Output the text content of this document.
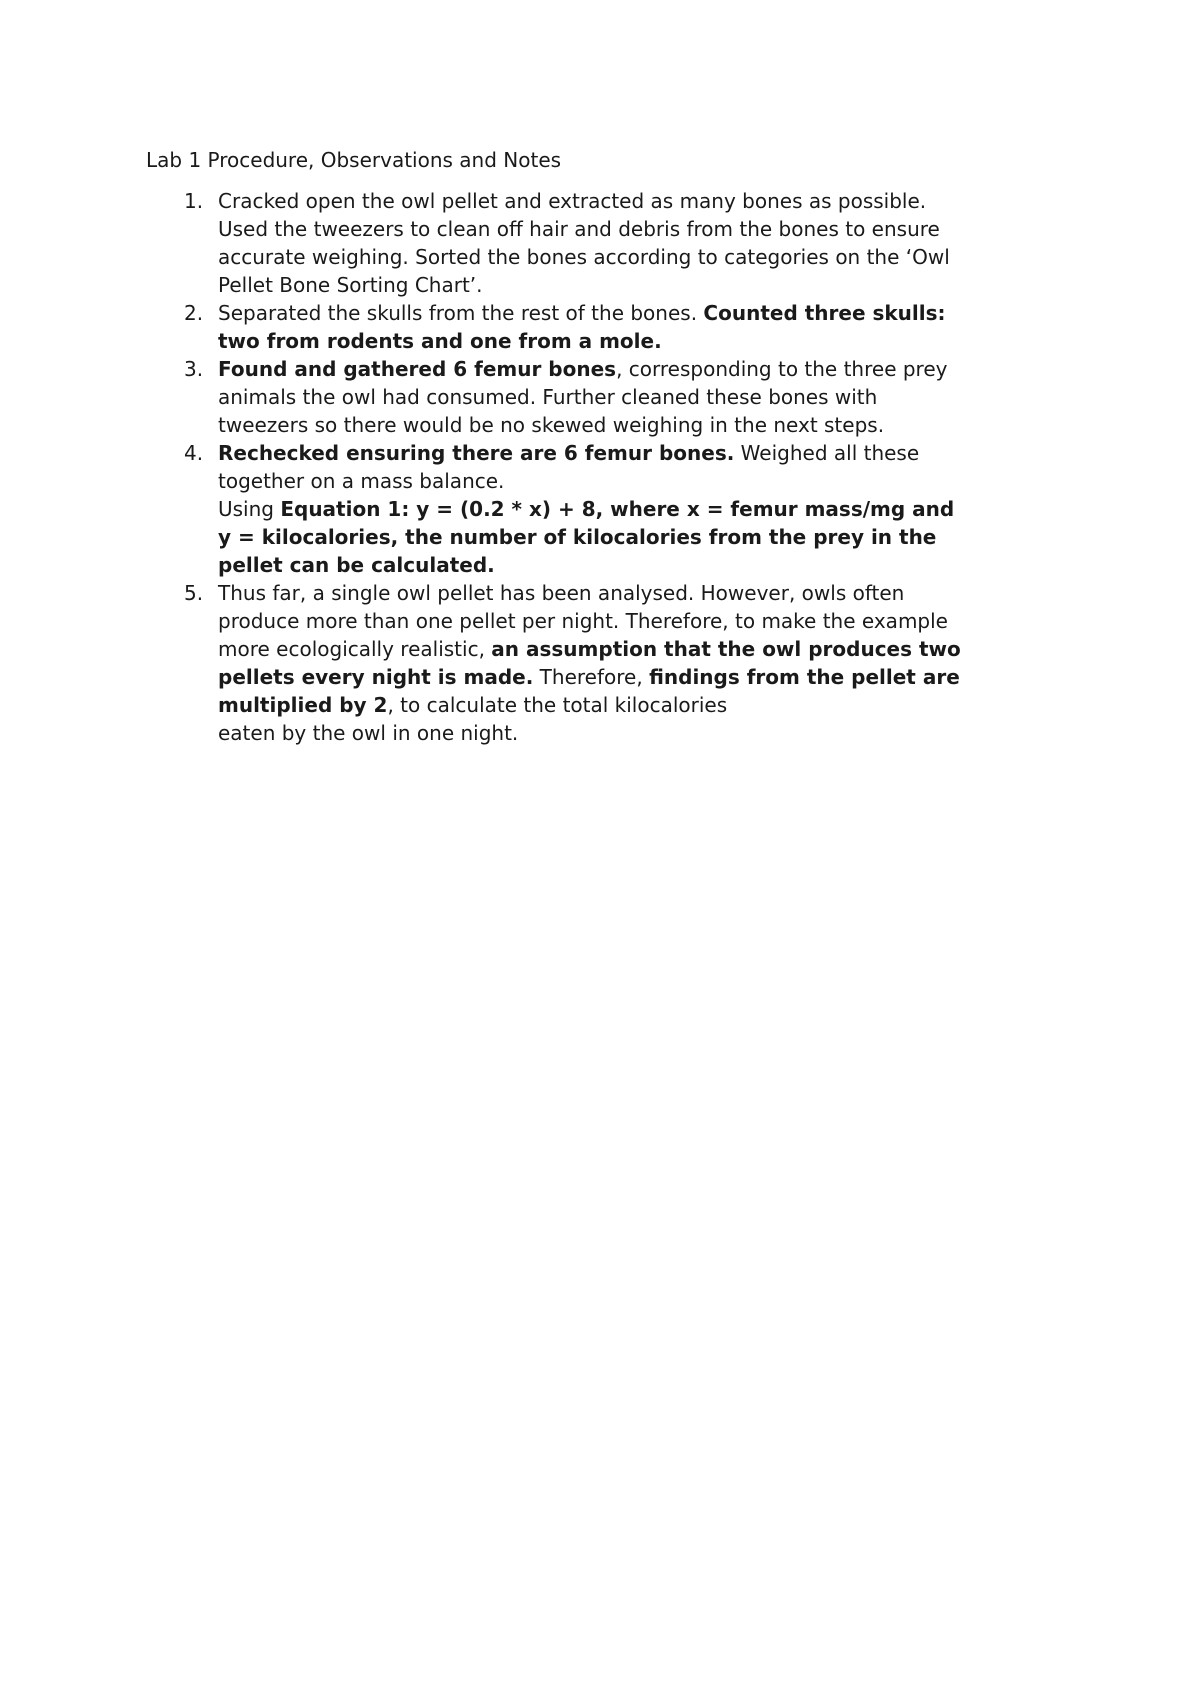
Lab 1 Procedure, Observations and Notes

1. Cracked open the owl pellet and extracted as many bones as possible.
Used the tweezers to clean off hair and debris from the bones to ensure
accurate weighing. Sorted the bones according to categories on the ‘Owl
Pellet Bone Sorting Chart’.
2. Separated the skulls from the rest of the bones. Counted three skulls:
two from rodents and one from a mole.
3. Found and gathered 6 femur bones, corresponding to the three prey
animals the owl had consumed. Further cleaned these bones with
tweezers so there would be no skewed weighing in the next steps.
4. Rechecked ensuring there are 6 femur bones. Weighed all these
together on a mass balance.
Using Equation 1: y = (0.2 * x) + 8, where x = femur mass/mg and
y = kilocalories, the number of kilocalories from the prey in the
pellet can be calculated.
5. Thus far, a single owl pellet has been analysed. However, owls often
produce more than one pellet per night. Therefore, to make the example
more ecologically realistic, an assumption that the owl produces two
pellets every night is made. Therefore, findings from the pellet are
multiplied by 2, to calculate the total kilocalories
eaten by the owl in one night.
